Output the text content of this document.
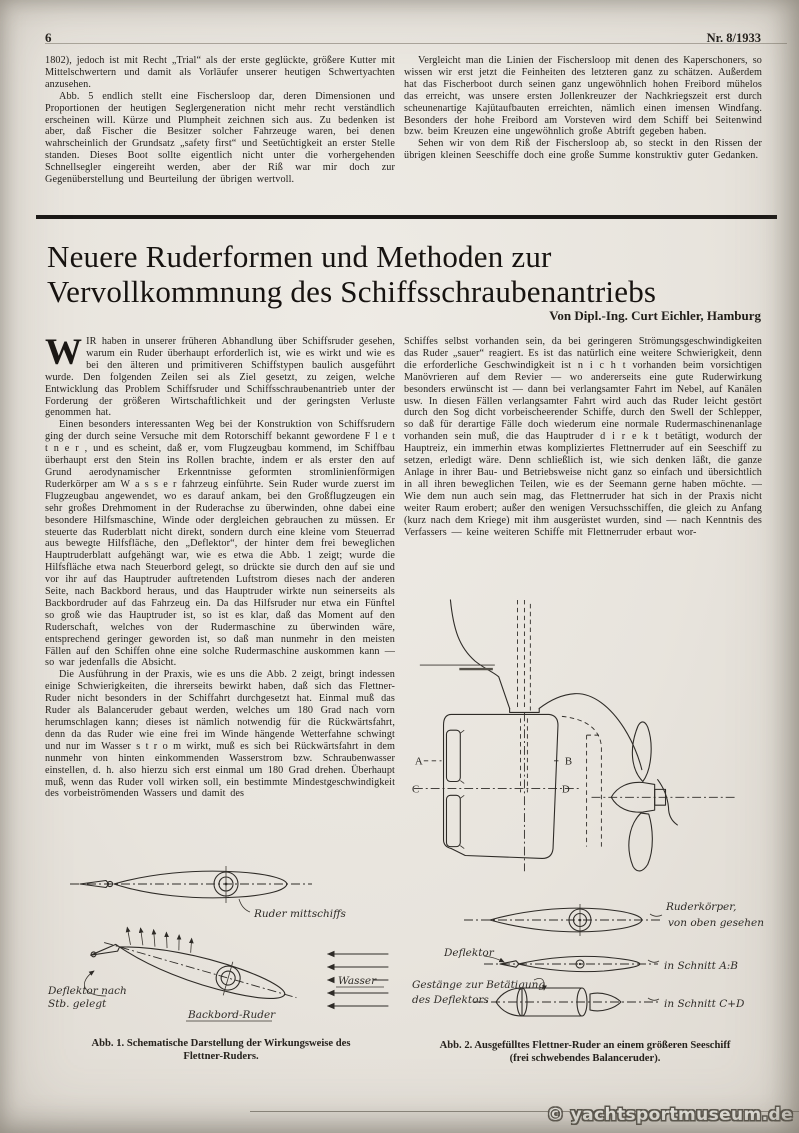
6	Nr. 8/1933

1802), jedoch ist mit Recht „Trial“ als der erste geglückte, größere Kutter mit Mittelschwertern und damit als Vorläufer unserer heutigen Schwertyachten anzusehen.

Abb. 5 endlich stellt eine Fischersloop dar, deren Dimensionen und Proportionen der heutigen Seglergeneration nicht mehr recht verständlich erscheinen will. Kürze und Plumpheit zeichnen sich aus. Zu bedenken ist aber, daß Fischer die Besitzer solcher Fahrzeuge waren, bei denen wahrscheinlich der Grundsatz „safety first“ und Seetüchtigkeit an erster Stelle standen. Dieses Boot sollte eigentlich nicht unter die vorhergehenden Schnellsegler eingereiht werden, aber der Riß war mir doch zur Gegenüberstellung und Beurteilung der übrigen wertvoll.

Vergleicht man die Linien der Fischersloop mit denen des Kaperschoners, so wissen wir erst jetzt die Feinheiten des letzteren ganz zu schätzen. Außerdem hat das Fischerboot durch seinen ganz ungewöhnlich hohen Freibord mühelos das erreicht, was unsere ersten Jollenkreuzer der Nachkriegszeit erst durch scheunenartige Kajütaufbauten erreichten, nämlich einen imensen Windfang. Besonders der hohe Freibord am Vorsteven wird dem Schiff bei Seitenwind bzw. beim Kreuzen eine ungewöhnlich große Abtrift gegeben haben.

Sehen wir von dem Riß der Fischersloop ab, so steckt in den Rissen der übrigen kleinen Seeschiffe doch eine große Summe konstruktiv guter Gedanken.

Neuere Ruderformen und Methoden zur
Vervollkommnung des Schiffsschraubenantriebs
Von Dipl.-Ing. Curt Eichler, Hamburg

WIR haben in unserer früheren Abhandlung über Schiffsruder gesehen, warum ein Ruder überhaupt erforderlich ist, wie es wirkt und wie es bei den älteren und primitiveren Schiffstypen baulich ausgeführt wurde. Den folgenden Zeilen sei als Ziel gesetzt, zu zeigen, welche Entwicklung das Problem Schiffsruder und Schiffsschraubenantrieb unter der Forderung der größeren Wirtschaftlichkeit und der geringsten Verluste genommen hat.

Einen besonders interessanten Weg bei der Konstruktion von Schiffsrudern ging der durch seine Versuche mit dem Rotorschiff bekannt gewordene F l e t t n e r , und es scheint, daß er, vom Flugzeugbau kommend, im Schiffbau überhaupt erst den Stein ins Rollen brachte, indem er als erster den auf Grund aerodynamischer Erkenntnisse geformten stromlinienförmigen Ruderkörper am W a s s e r fahrzeug einführte. Sein Ruder wurde zuerst im Flugzeugbau angewendet, wo es darauf ankam, bei den Großflugzeugen ein sehr großes Drehmoment in der Ruderachse zu überwinden, ohne dabei eine besondere Hilfsmaschine, Winde oder dergleichen gebrauchen zu müssen. Er steuerte das Ruderblatt nicht direkt, sondern durch eine kleine vom Steuerrad aus bewegte Hilfsfläche, den „Deflektor“, der hinter dem frei beweglichen Hauptruderblatt aufgehängt war, wie es etwa die Abb. 1 zeigt; wurde die Hilfsfläche etwa nach Steuerbord gelegt, so drückte sie durch den auf sie und vor ihr auf das Hauptruder auftretenden Luftstrom dieses nach der anderen Seite, nach Backbord heraus, und das Hauptruder wirkte nun seinerseits als Backbordruder auf das Fahrzeug ein. Da das Hilfsruder nur etwa ein Fünftel so groß wie das Hauptruder ist, so ist es klar, daß das Moment auf den Ruderschaft, welches von der Rudermaschine zu überwinden wäre, entsprechend geringer geworden ist, so daß man nunmehr in den meisten Fällen auf den Schiffen ohne eine solche Rudermaschine auskommen kann — so war jedenfalls die Absicht.

Die Ausführung in der Praxis, wie es uns die Abb. 2 zeigt, bringt indessen einige Schwierigkeiten, die ihrerseits bewirkt haben, daß sich das Flettner-Ruder nicht besonders in der Schiffahrt durchgesetzt hat. Einmal muß das Ruder als Balanceruder gebaut werden, welches um 180 Grad nach vorn herumschlagen kann; dieses ist nämlich notwendig für die Rückwärtsfahrt, denn da das Ruder wie eine frei im Winde hängende Wetterfahne schwingt und nur im Wasser s t r o m wirkt, muß es sich bei Rückwärtsfahrt in dem nunmehr von hinten einkommenden Wasserstrom bzw. Schraubenwasser einstellen, d. h. also hierzu sich erst einmal um 180 Grad drehen. Überhaupt muß, wenn das Ruder voll wirken soll, ein bestimmte Mindestgeschwindigkeit des vorbeiströmenden Wassers und damit des

Schiffes selbst vorhanden sein, da bei geringeren Strömungsgeschwindigkeiten das Ruder „sauer“ reagiert. Es ist das natürlich eine weitere Schwierigkeit, denn die erforderliche Geschwindigkeit ist n i c h t vorhanden beim vorsichtigen Manövrieren auf dem Revier — wo andererseits eine gute Ruderwirkung besonders erwünscht ist — dann bei verlangsamter Fahrt im Nebel, auf Kanälen usw. In diesen Fällen verlangsamter Fahrt wird auch das Ruder leicht gestört durch den Sog dicht vorbeischeerender Schiffe, durch den Swell der Schlepper, so daß für derartige Fälle doch wiederum eine normale Rudermaschinenanlage vorhanden sein muß, die das Hauptruder d i r e k t betätigt, wodurch der Hauptreiz, ein immerhin etwas kompliziertes Flettnerruder auf ein Seeschiff zu setzen, erledigt wäre. Denn schließlich ist, wie sich denken läßt, die ganze Anlage in ihrer Bau- und Betriebsweise nicht ganz so einfach und übersichtlich in all ihren beweglichen Teilen, wie es der Seemann gerne haben möchte. — Wie dem nun auch sein mag, das Flettnerruder hat sich in der Praxis nicht weiter Raum erobert; außer den wenigen Versuchsschiffen, die gleich zu Anfang (kurz nach dem Kriege) mit ihm ausgerüstet wurden, sind — nach Kenntnis des Verfassers — keine weiteren Schiffe mit Flettnerruder erbaut wor-

Ruder mittschiffs
Deflektor nach
Stb. gelegt
Backbord-Ruder
Wasser
Abb. 1. Schematische Darstellung der Wirkungsweise des
Flettner-Ruders.
A	B
C	D
Ruderkörper,
von oben gesehen
Deflektor
in Schnitt A:B
Gestänge zur Betätigung
des Deflektors	in Schnitt C+D
Abb. 2. Ausgefülltes Flettner-Ruder an einem größeren Seeschiff
(frei schwebendes Balanceruder).
© yachtsportmuseum.de
